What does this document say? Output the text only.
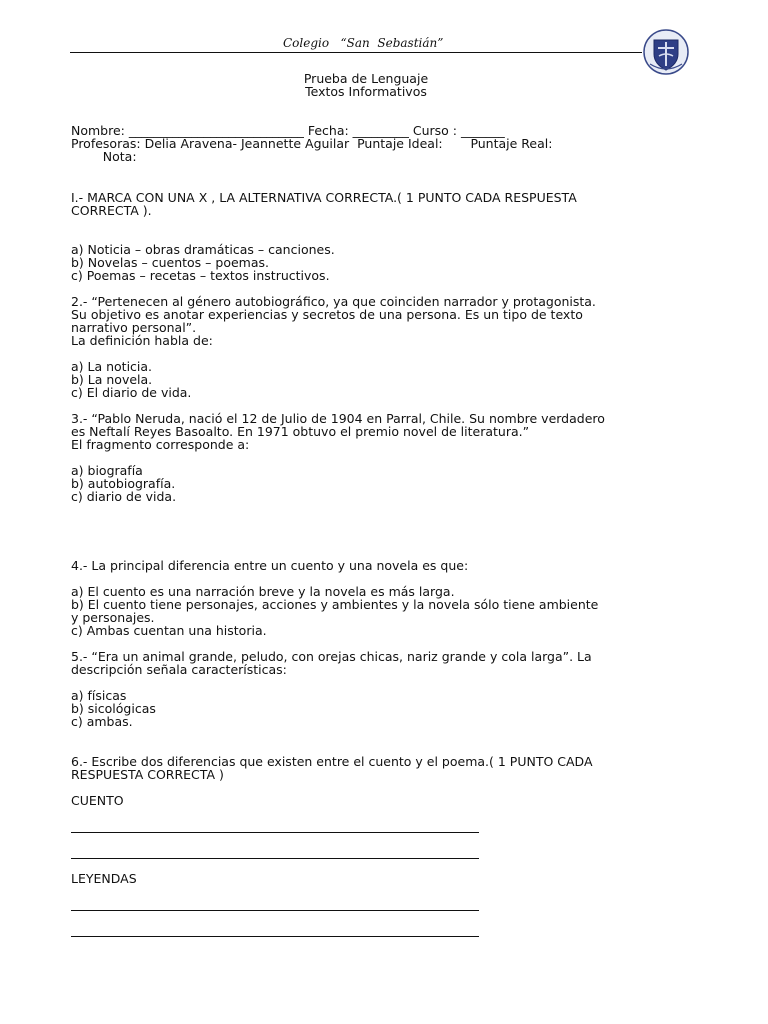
Colegio   “San  Sebastián”
Prueba de Lenguaje
Textos Informativos
Nombre: ____________________________ Fecha: _________ Curso : _______
Profesoras: Delia Aravena- Jeannette Aguilar  Puntaje Ideal:       Puntaje Real:
Nota:
I.- MARCA CON UNA X , LA ALTERNATIVA CORRECTA.( 1 PUNTO CADA RESPUESTA
CORRECTA ).
a) Noticia – obras dramáticas – canciones.
b) Novelas – cuentos – poemas.
c) Poemas – recetas – textos instructivos.
2.- “Pertenecen al género autobiográfico, ya que coinciden narrador y protagonista.
Su objetivo es anotar experiencias y secretos de una persona. Es un tipo de texto
narrativo personal”.
La definición habla de:
a) La noticia.
b) La novela.
c) El diario de vida.
3.- “Pablo Neruda, nació el 12 de Julio de 1904 en Parral, Chile. Su nombre verdadero
es Neftalí Reyes Basoalto. En 1971 obtuvo el premio novel de literatura.”
El fragmento corresponde a:
a) biografía
b) autobiografía.
c) diario de vida.
4.- La principal diferencia entre un cuento y una novela es que:
a) El cuento es una narración breve y la novela es más larga.
b) El cuento tiene personajes, acciones y ambientes y la novela sólo tiene ambiente
y personajes.
c) Ambas cuentan una historia.
5.- “Era un animal grande, peludo, con orejas chicas, nariz grande y cola larga”. La
descripción señala características:
a) físicas
b) sicológicas
c) ambas.
6.- Escribe dos diferencias que existen entre el cuento y el poema.( 1 PUNTO CADA
RESPUESTA CORRECTA )
CUENTO
LEYENDAS
